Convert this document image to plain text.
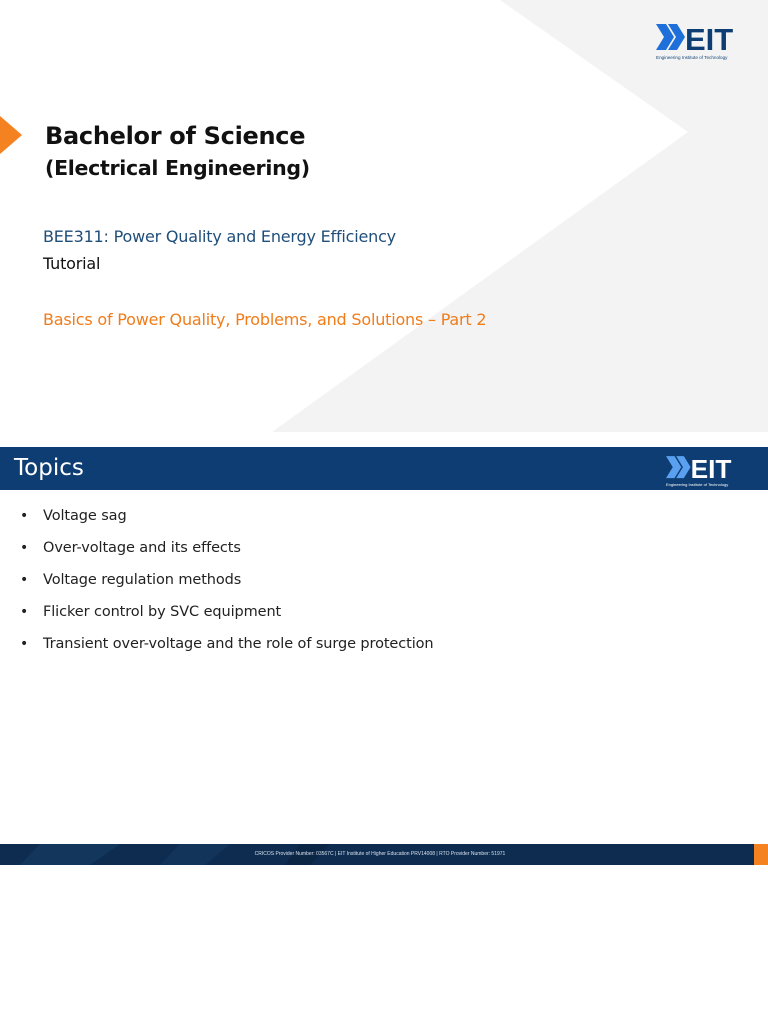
EIT
Engineering Institute of Technology
Bachelor of Science
(Electrical Engineering)
BEE311: Power Quality and Energy Efficiency
Tutorial
Basics of Power Quality, Problems, and Solutions – Part 2
Topics	EIT
Engineering Institute of Technology
• Voltage sag
• Over-voltage and its effects
• Voltage regulation methods
• Flicker control by SVC equipment
• Transient over-voltage and the role of surge protection
CRICOS Provider Number: 03567C | EIT Institute of Higher Education PRV14008 | RTO Provider Number: 51971
